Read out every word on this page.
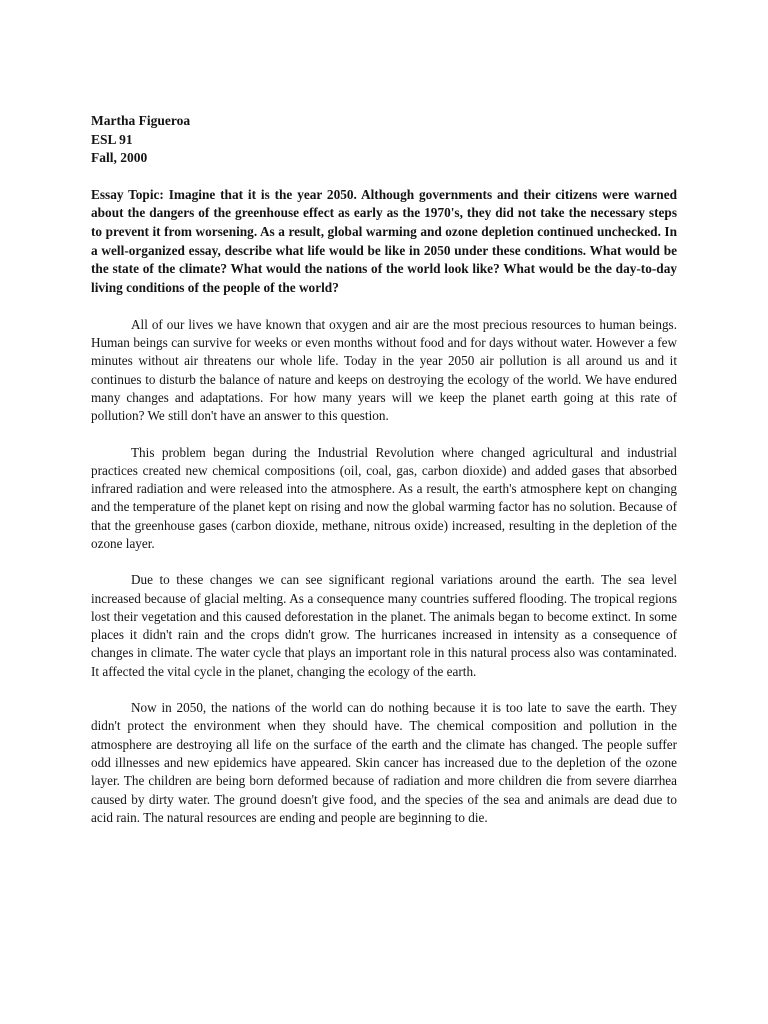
Martha Figueroa
ESL 91
Fall, 2000
Essay Topic: Imagine that it is the year 2050. Although governments and their citizens were warned about the dangers of the greenhouse effect as early as the 1970's, they did not take the necessary steps to prevent it from worsening. As a result, global warming and ozone depletion continued unchecked. In a well-organized essay, describe what life would be like in 2050 under these conditions. What would be the state of the climate? What would the nations of the world look like? What would be the day-to-day living conditions of the people of the world?

All of our lives we have known that oxygen and air are the most precious resources to human beings. Human beings can survive for weeks or even months without food and for days without water. However a few minutes without air threatens our whole life. Today in the year 2050 air pollution is all around us and it continues to disturb the balance of nature and keeps on destroying the ecology of the world. We have endured many changes and adaptations. For how many years will we keep the planet earth going at this rate of pollution? We still don't have an answer to this question.

This problem began during the Industrial Revolution where changed agricultural and industrial practices created new chemical compositions (oil, coal, gas, carbon dioxide) and added gases that absorbed infrared radiation and were released into the atmosphere. As a result, the earth's atmosphere kept on changing and the temperature of the planet kept on rising and now the global warming factor has no solution. Because of that the greenhouse gases (carbon dioxide, methane, nitrous oxide) increased, resulting in the depletion of the ozone layer.

Due to these changes we can see significant regional variations around the earth. The sea level increased because of glacial melting. As a consequence many countries suffered flooding. The tropical regions lost their vegetation and this caused deforestation in the planet. The animals began to become extinct. In some places it didn't rain and the crops didn't grow. The hurricanes increased in intensity as a consequence of changes in climate. The water cycle that plays an important role in this natural process also was contaminated. It affected the vital cycle in the planet, changing the ecology of the earth.

Now in 2050, the nations of the world can do nothing because it is too late to save the earth. They didn't protect the environment when they should have. The chemical composition and pollution in the atmosphere are destroying all life on the surface of the earth and the climate has changed. The people suffer odd illnesses and new epidemics have appeared. Skin cancer has increased due to the depletion of the ozone layer. The children are being born deformed because of radiation and more children die from severe diarrhea caused by dirty water. The ground doesn't give food, and the species of the sea and animals are dead due to acid rain. The natural resources are ending and people are beginning to die.
